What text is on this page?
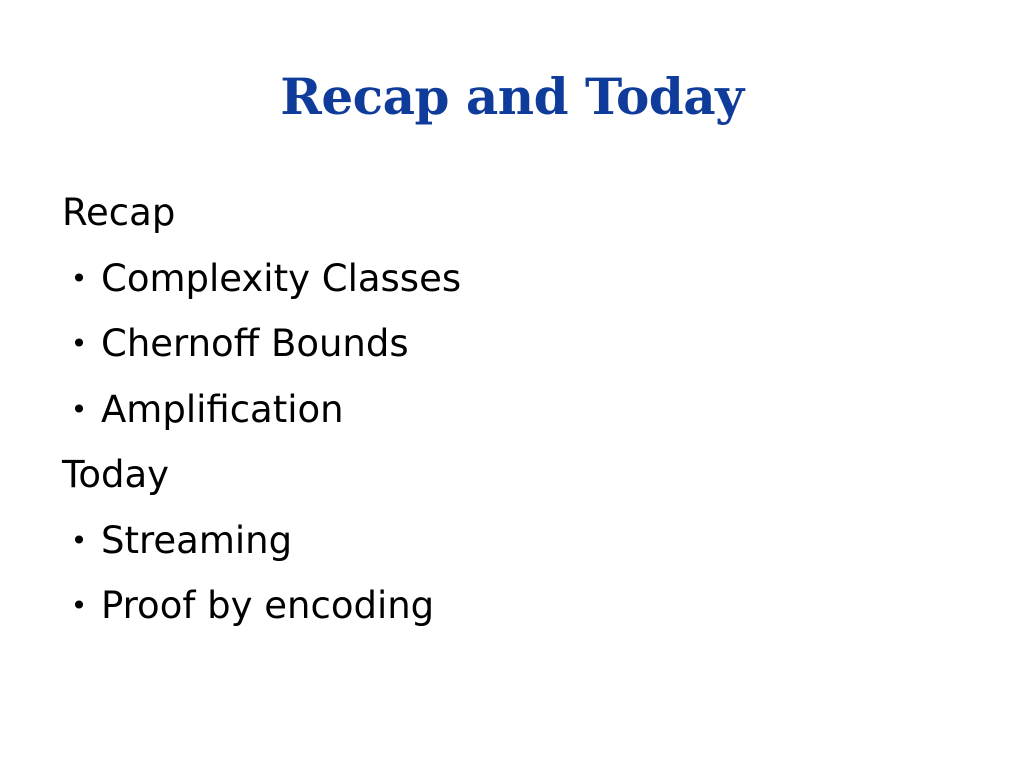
Recap and Today
Recap
• Complexity Classes
• Chernoff Bounds
• Amplification
Today
• Streaming
• Proof by encoding
